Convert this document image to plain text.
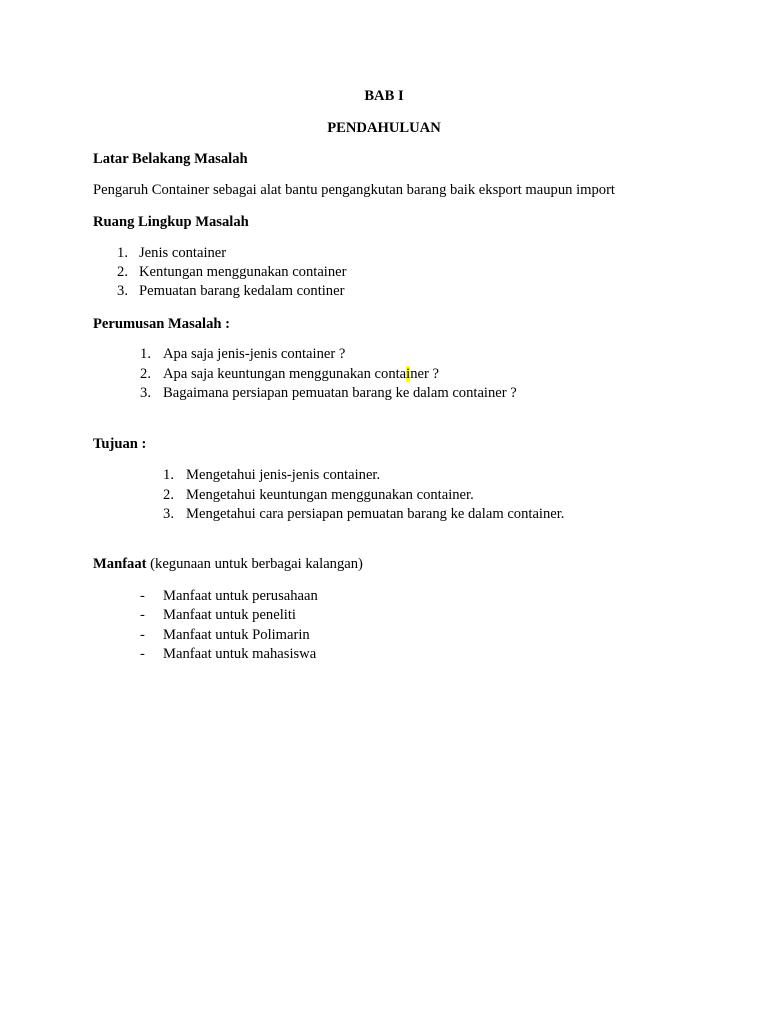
BAB I
PENDAHULUAN
Latar Belakang Masalah
Pengaruh Container sebagai alat bantu pengangkutan barang baik eksport maupun import
Ruang Lingkup Masalah
1. Jenis container
2. Kentungan menggunakan container
3. Pemuatan barang kedalam continer
Perumusan Masalah :
1. Apa saja jenis-jenis container ?
2. Apa saja keuntungan menggunakan container ?
3. Bagaimana persiapan pemuatan barang ke dalam container ?
Tujuan :
1. Mengetahui jenis-jenis container.
2. Mengetahui keuntungan menggunakan container.
3. Mengetahui cara persiapan pemuatan barang ke dalam container.
Manfaat (kegunaan untuk berbagai kalangan)
- Manfaat untuk perusahaan
- Manfaat untuk peneliti
- Manfaat untuk Polimarin
- Manfaat untuk mahasiswa
